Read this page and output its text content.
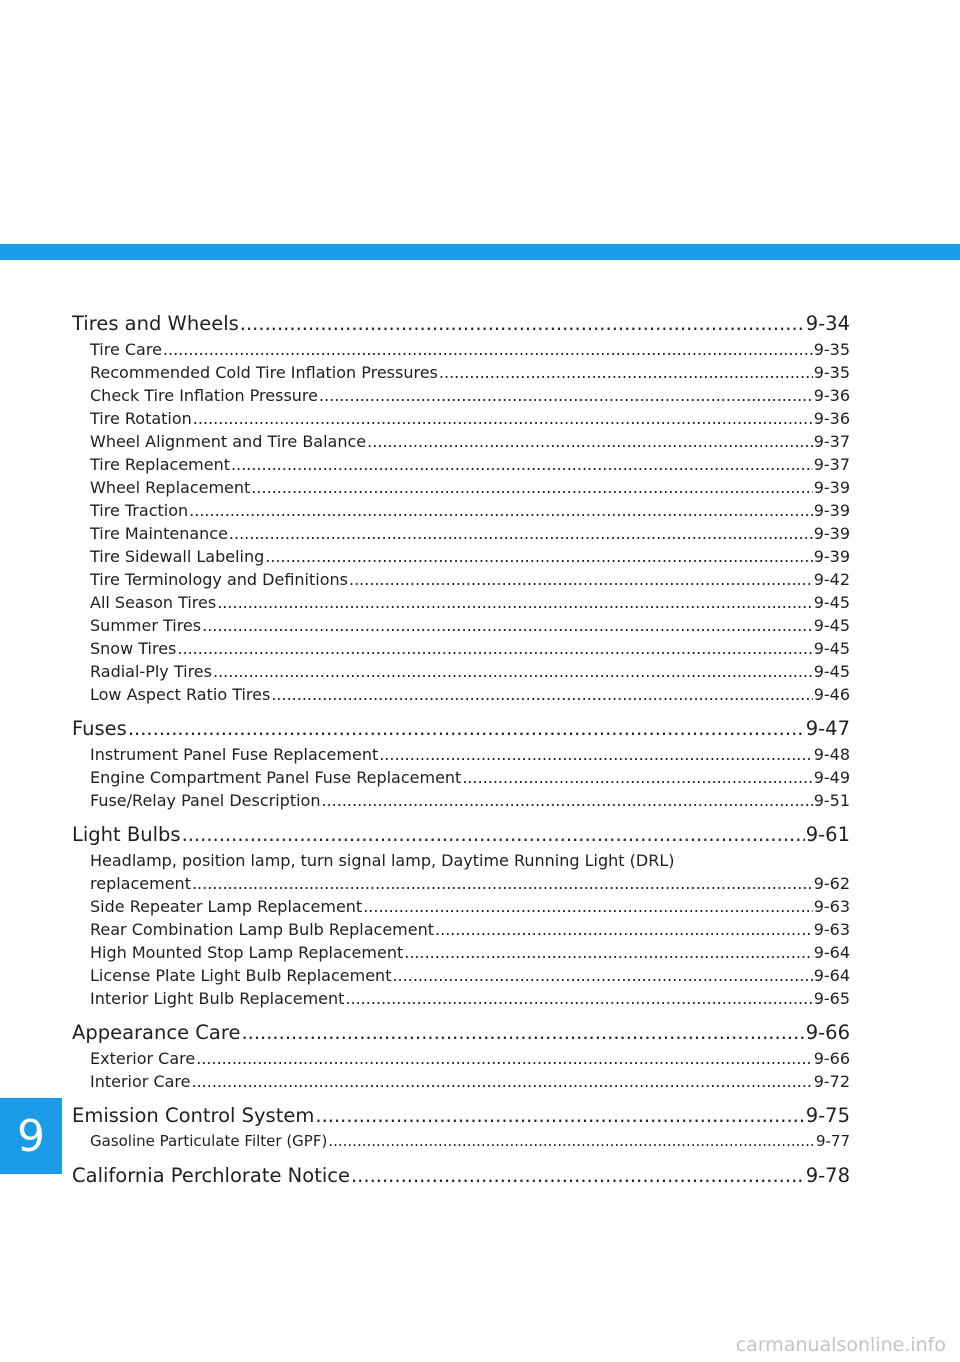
Tires and Wheels .....	9-34
Tire Care .....	9-35
Recommended Cold Tire Inflation Pressures .....	9-35
Check Tire Inflation Pressure .....	9-36
Tire Rotation .....	9-36
Wheel Alignment and Tire Balance .....	9-37
Tire Replacement .....	9-37
Wheel Replacement .....	9-39
Tire Traction .....	9-39
Tire Maintenance .....	9-39
Tire Sidewall Labeling .....	9-39
Tire Terminology and Definitions .....	9-42
All Season Tires .....	9-45
Summer Tires .....	9-45
Snow Tires .....	9-45
Radial-Ply Tires .....	9-45
Low Aspect Ratio Tires .....	9-46
Fuses .....	9-47
Instrument Panel Fuse Replacement .....	9-48
Engine Compartment Panel Fuse Replacement .....	9-49
Fuse/Relay Panel Description .....	9-51
Light Bulbs .....	9-61
Headlamp, position lamp, turn signal lamp, Daytime Running Light (DRL)
replacement .....	9-62
Side Repeater Lamp Replacement .....	9-63
Rear Combination Lamp Bulb Replacement .....	9-63
High Mounted Stop Lamp Replacement .....	9-64
License Plate Light Bulb Replacement .....	9-64
Interior Light Bulb Replacement .....	9-65
Appearance Care .....	9-66
Exterior Care .....	9-66
Interior Care .....	9-72
Emission Control System .....	9-75
Gasoline Particulate Filter (GPF) .....	9-77
California Perchlorate Notice .....	9-78
9
carmanualsonline.info
